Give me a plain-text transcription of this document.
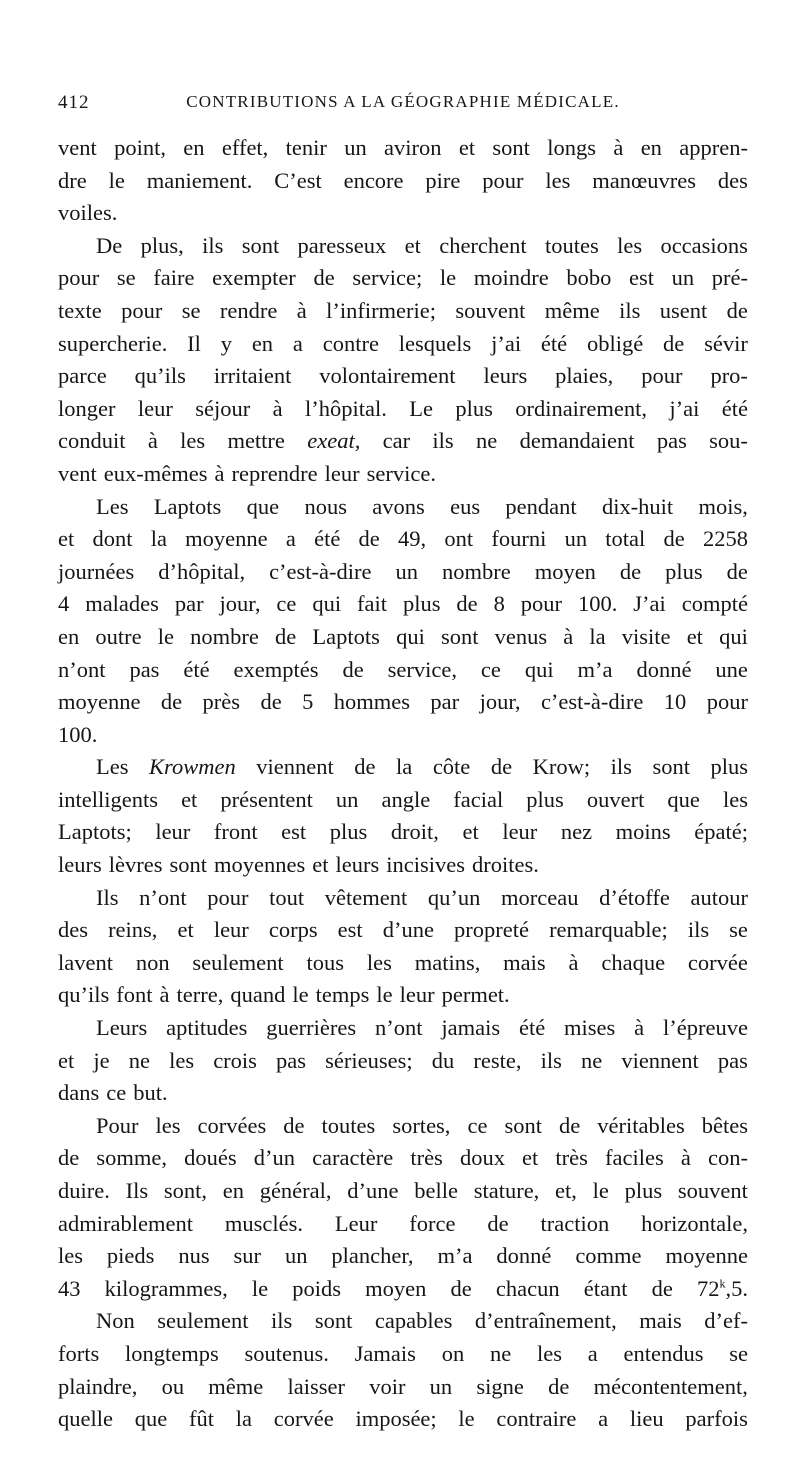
412	CONTRIBUTIONS A LA GÉOGRAPHIE MÉDICALE.
vent point, en effet, tenir un aviron et sont longs à en appren-
dre le maniement. C’est encore pire pour les manœuvres des
voiles.
De plus, ils sont paresseux et cherchent toutes les occasions
pour se faire exempter de service; le moindre bobo est un pré-
texte pour se rendre à l’infirmerie; souvent même ils usent de
supercherie. Il y en a contre lesquels j’ai été obligé de sévir
parce qu’ils irritaient volontairement leurs plaies, pour pro-
longer leur séjour à l’hôpital. Le plus ordinairement, j’ai été
conduit à les mettre exeat, car ils ne demandaient pas sou-
vent eux-mêmes à reprendre leur service.
Les Laptots que nous avons eus pendant dix-huit mois,
et dont la moyenne a été de 49, ont fourni un total de 2258
journées d’hôpital, c’est-à-dire un nombre moyen de plus de
4 malades par jour, ce qui fait plus de 8 pour 100. J’ai compté
en outre le nombre de Laptots qui sont venus à la visite et qui
n’ont pas été exemptés de service, ce qui m’a donné une
moyenne de près de 5 hommes par jour, c’est-à-dire 10 pour
100.
Les Krowmen viennent de la côte de Krow; ils sont plus
intelligents et présentent un angle facial plus ouvert que les
Laptots; leur front est plus droit, et leur nez moins épaté;
leurs lèvres sont moyennes et leurs incisives droites.
Ils n’ont pour tout vêtement qu’un morceau d’étoffe autour
des reins, et leur corps est d’une propreté remarquable; ils se
lavent non seulement tous les matins, mais à chaque corvée
qu’ils font à terre, quand le temps le leur permet.
Leurs aptitudes guerrières n’ont jamais été mises à l’épreuve
et je ne les crois pas sérieuses; du reste, ils ne viennent pas
dans ce but.
Pour les corvées de toutes sortes, ce sont de véritables bêtes
de somme, doués d’un caractère très doux et très faciles à con-
duire. Ils sont, en général, d’une belle stature, et, le plus souvent
admirablement musclés. Leur force de traction horizontale,
les pieds nus sur un plancher, m’a donné comme moyenne
43 kilogrammes, le poids moyen de chacun étant de 72$^k$,5.
Non seulement ils sont capables d’entraînement, mais d’ef-
forts longtemps soutenus. Jamais on ne les a entendus se
plaindre, ou même laisser voir un signe de mécontentement,
quelle que fût la corvée imposée; le contraire a lieu parfois
